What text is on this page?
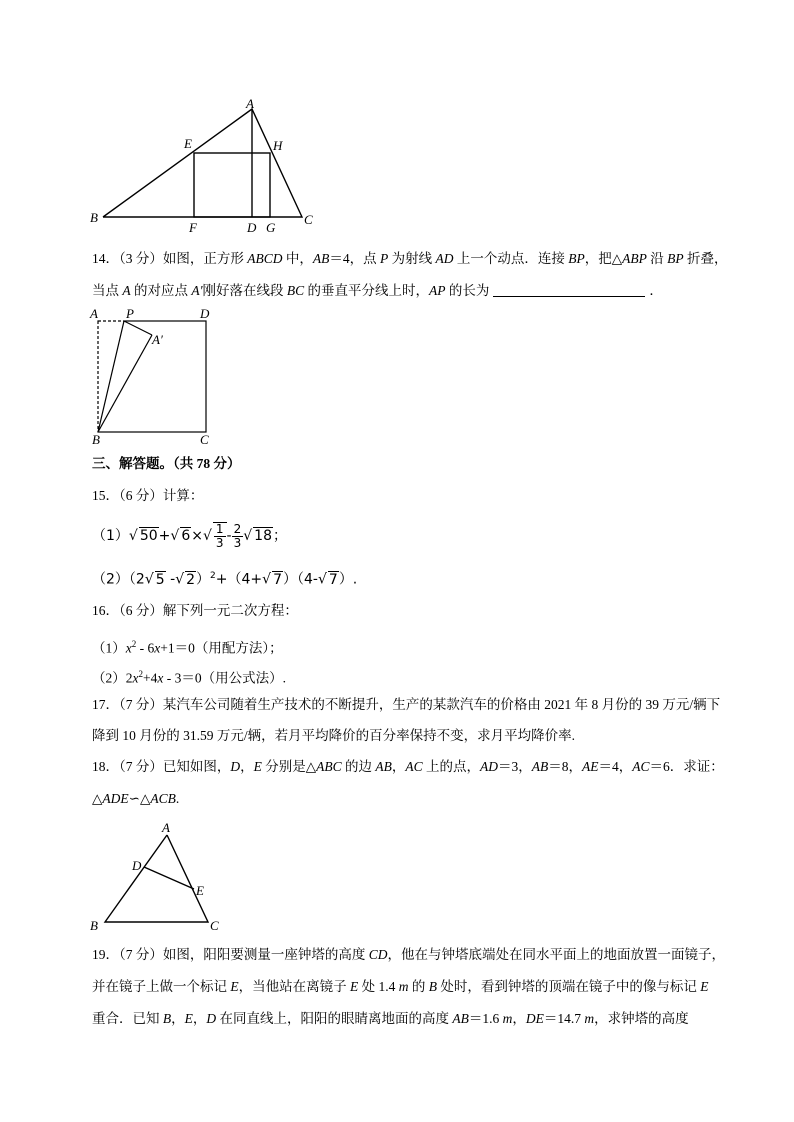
A
E	H
B
F	D G
C
14．（3 分）如图，正方形 ABCD 中，AB＝4，点 P 为射线 AD 上一个动点．连接 BP，把△ABP 沿 BP 折叠，
当点 A 的对应点 A'刚好落在线段 BC 的垂直平分线上时，AP 的长为	．
A P	D
A′
B	C
三、解答题。（共 78 分）
15．（6 分）计算：
（1）√ 50+√ $6\times√ \frac{1}{3} - \frac{2}{3}$ √ 18；
（2）（2√ 5 -√ 2）$^2$+（4+√ 7）（4-√ 7）.
16．（6 分）解下列一元二次方程：
$(1)x^2 - 6x+1=0$（用配方法）；
$(2)2x^2+4x - 3=0$（用公式法）.
17．（7 分）某汽车公司随着生产技术的不断提升，生产的某款汽车的价格由 2021 年 8 月份的 39 万元/辆下
降到 10 月份的 31.59 万元/辆，若月平均降价的百分率保持不变，求月平均降价率.
18．（7 分）已知如图，D，E 分别是△ABC 的边 AB，AC 上的点，AD＝3，AB＝8，AE＝4，AC＝6．求证：
△ADE∽△ACB.
A
D
E
B	C
19．（7 分）如图，阳阳要测量一座钟塔的高度 CD，他在与钟塔底端处在同水平面上的地面放置一面镜子，
并在镜子上做一个标记 E，当他站在离镜子 E 处 1.4 m 的 B 处时，看到钟塔的顶端在镜子中的像与标记 E
重合．已知 B，E，D 在同直线上，阳阳的眼睛离地面的高度 AB＝1.6 m，DE＝14.7 m，求钟塔的高度
